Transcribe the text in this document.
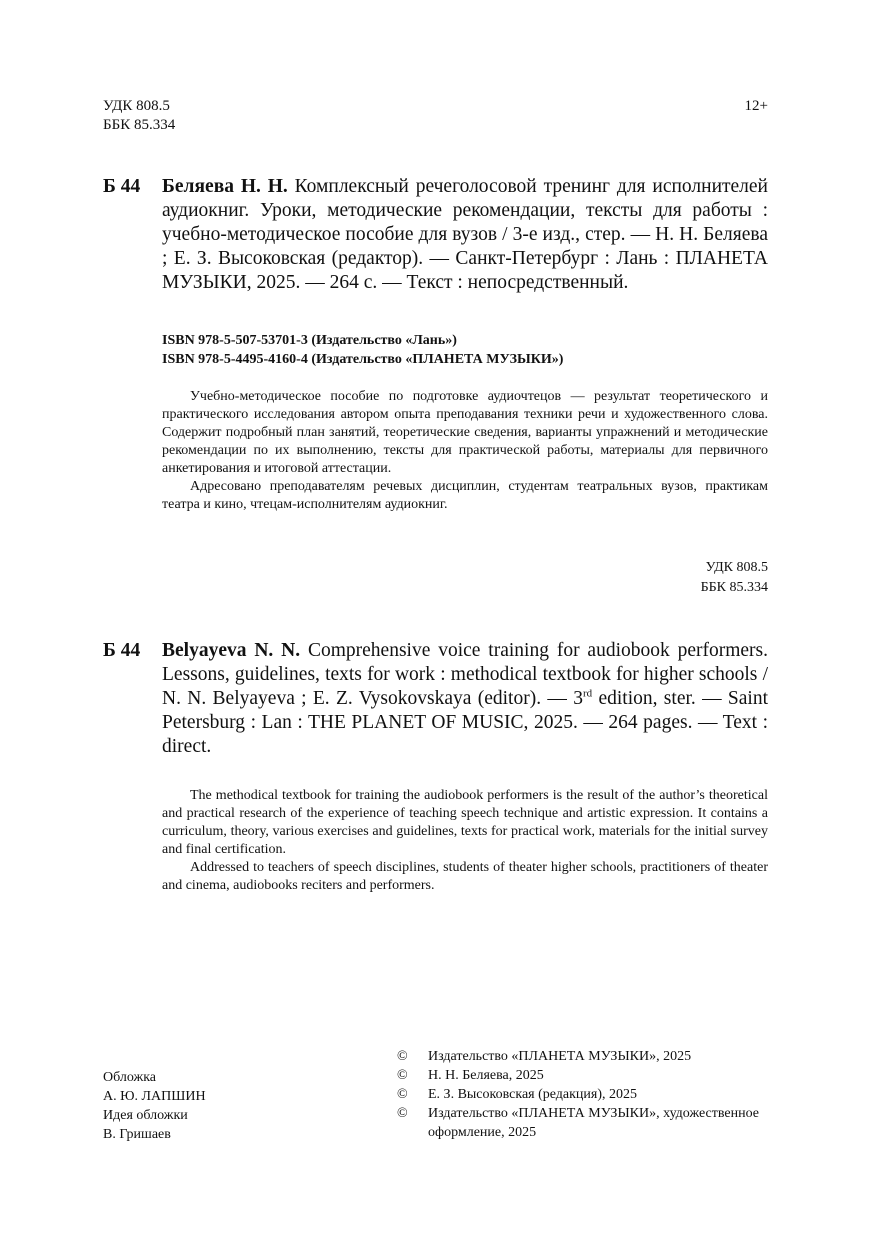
УДК 808.5
ББК 85.334
12+
Б 44 Беляева Н. Н. Комплексный речеголосовой тренинг для исполнителей аудиокниг. Уроки, методические рекомендации, тексты для работы : учебно-методическое пособие для вузов / 3-е изд., стер. — Н. Н. Беляева ; Е. З. Высоковская (редактор). — Санкт-Петербург : Лань : ПЛАНЕТА МУЗЫКИ, 2025. — 264 с. — Текст : непосредственный.
ISBN 978-5-507-53701-3 (Издательство «Лань»)
ISBN 978-5-4495-4160-4 (Издательство «ПЛАНЕТА МУЗЫКИ»)

Учебно-методическое пособие по подготовке аудиочтецов — результат теоретического и практического исследования автором опыта преподавания техники речи и художественного слова. Содержит подробный план занятий, теоретические сведения, варианты упражнений и методические рекомендации по их выполнению, тексты для практической работы, материалы для первичного анкетирования и итоговой аттестации.

Адресовано преподавателям речевых дисциплин, студентам театральных вузов, практикам театра и кино, чтецам-исполнителям аудиокниг.

УДК 808.5
ББК 85.334
Б 44 Belyayeva N. N. Comprehensive voice training for audiobook performers. Lessons, guidelines, texts for work : methodical textbook for higher schools / N. N. Belyayeva ; E. Z. Vysokovskaya (editor). — 3rd edition, ster. — Saint Petersburg : Lan : THE PLANET OF MUSIC, 2025. — 264 pages. — Text : direct.

The methodical textbook for training the audiobook performers is the result of the author’s theoretical and practical research of the experience of teaching speech technique and artistic expression. It contains a curriculum, theory, various exercises and guidelines, texts for practical work, materials for the initial survey and final certification.

Addressed to teachers of speech disciplines, students of theater higher schools, practitioners of theater and cinema, audiobooks reciters and performers.

Обложка
А. Ю. ЛАПШИН
Идея обложки
В. Гришаев
©	Издательство «ПЛАНЕТА МУЗЫКИ», 2025
©	Н. Н. Беляева, 2025
©	Е. З. Высоковская (редакция), 2025
©	Издательство «ПЛАНЕТА МУЗЫКИ», художественное оформление, 2025
